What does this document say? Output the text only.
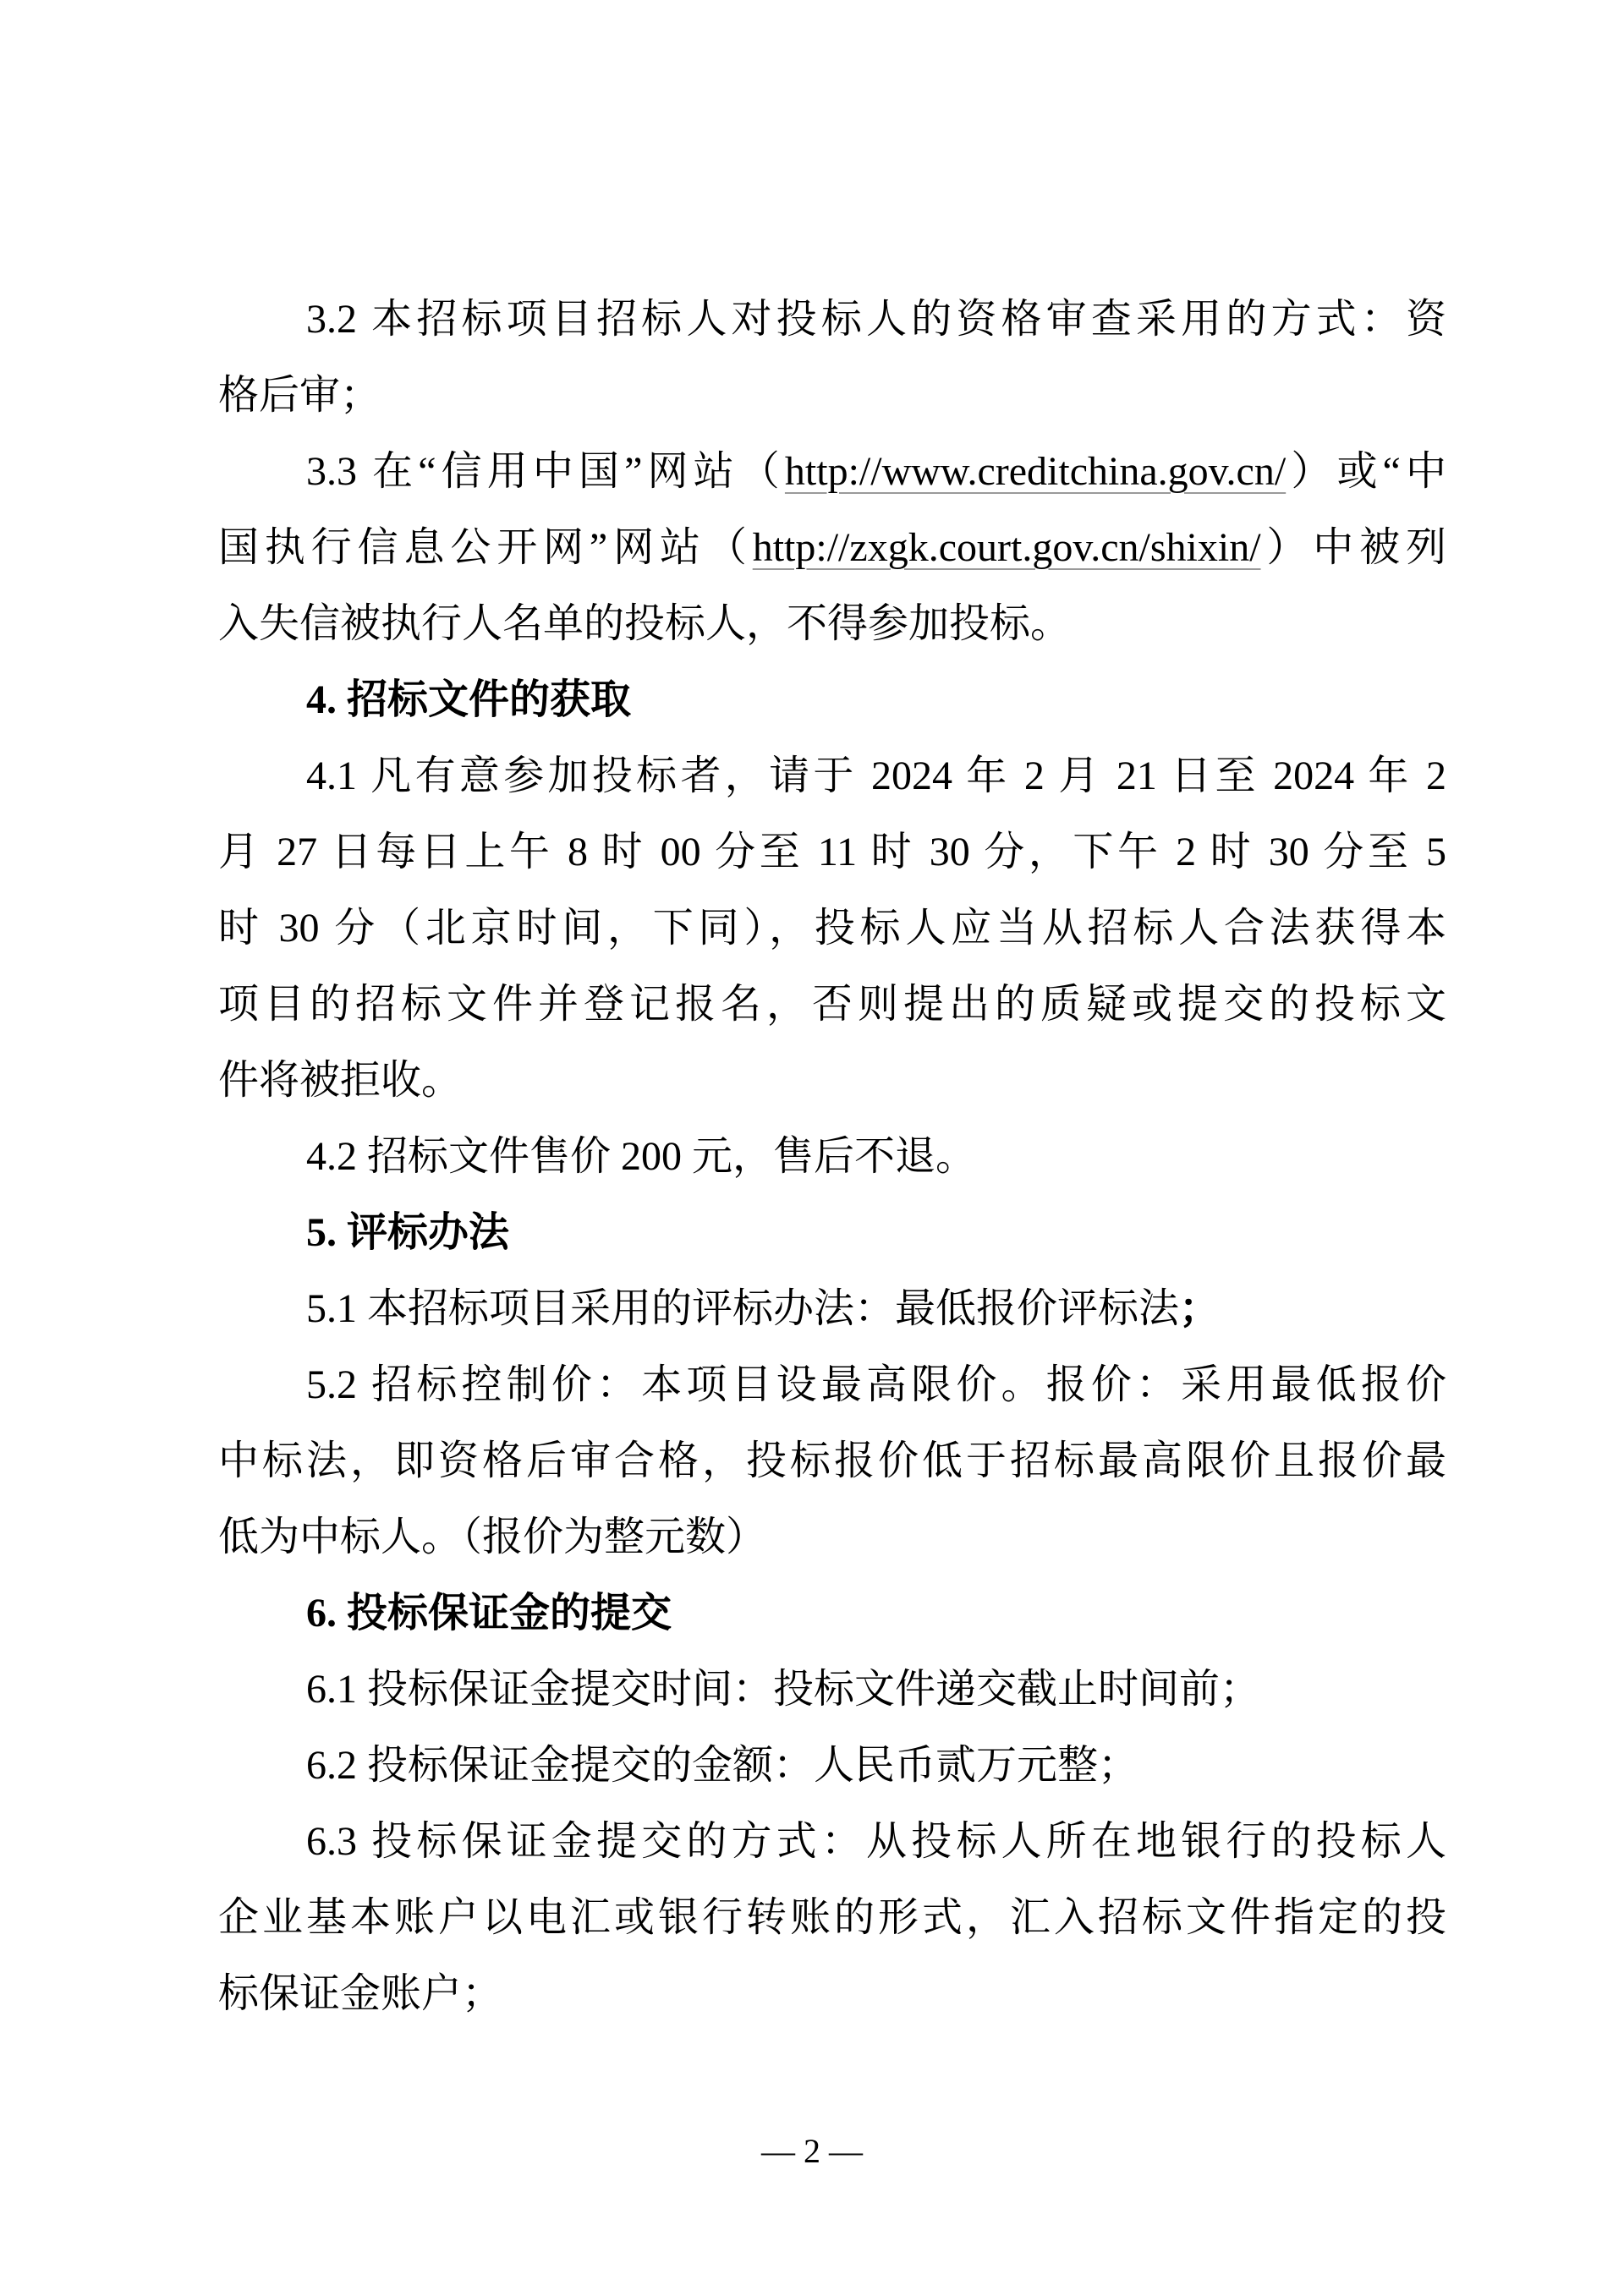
3.2 本招标项目招标人对投标人的资格审查采用的方式：资
格后审；
3.3 在“信用中国”网站（http://www.creditchina.gov.cn/）或“中
国执行信息公开网”网站（http://zxgk.court.gov.cn/shixin/）中被列
入失信被执行人名单的投标人，不得参加投标。
4. 招标文件的获取
4.1 凡有意参加投标者，请于 2024 年 2 月 21 日至 2024 年 2
月 27 日每日上午 8 时 00 分至 11 时 30 分，下午 2 时 30 分至 5
时 30 分（北京时间，下同），投标人应当从招标人合法获得本
项目的招标文件并登记报名，否则提出的质疑或提交的投标文
件将被拒收。
4.2 招标文件售价 200 元，售后不退。
5. 评标办法
5.1 本招标项目采用的评标办法：最低报价评标法；
5.2 招标控制价：本项目设最高限价。报价：采用最低报价
中标法，即资格后审合格，投标报价低于招标最高限价且报价最
低为中标人。（报价为整元数）
6. 投标保证金的提交
6.1 投标保证金提交时间：投标文件递交截止时间前；
6.2 投标保证金提交的金额：人民币贰万元整；
6.3 投标保证金提交的方式：从投标人所在地银行的投标人
企业基本账户以电汇或银行转账的形式，汇入招标文件指定的投
标保证金账户；
— 2 —
